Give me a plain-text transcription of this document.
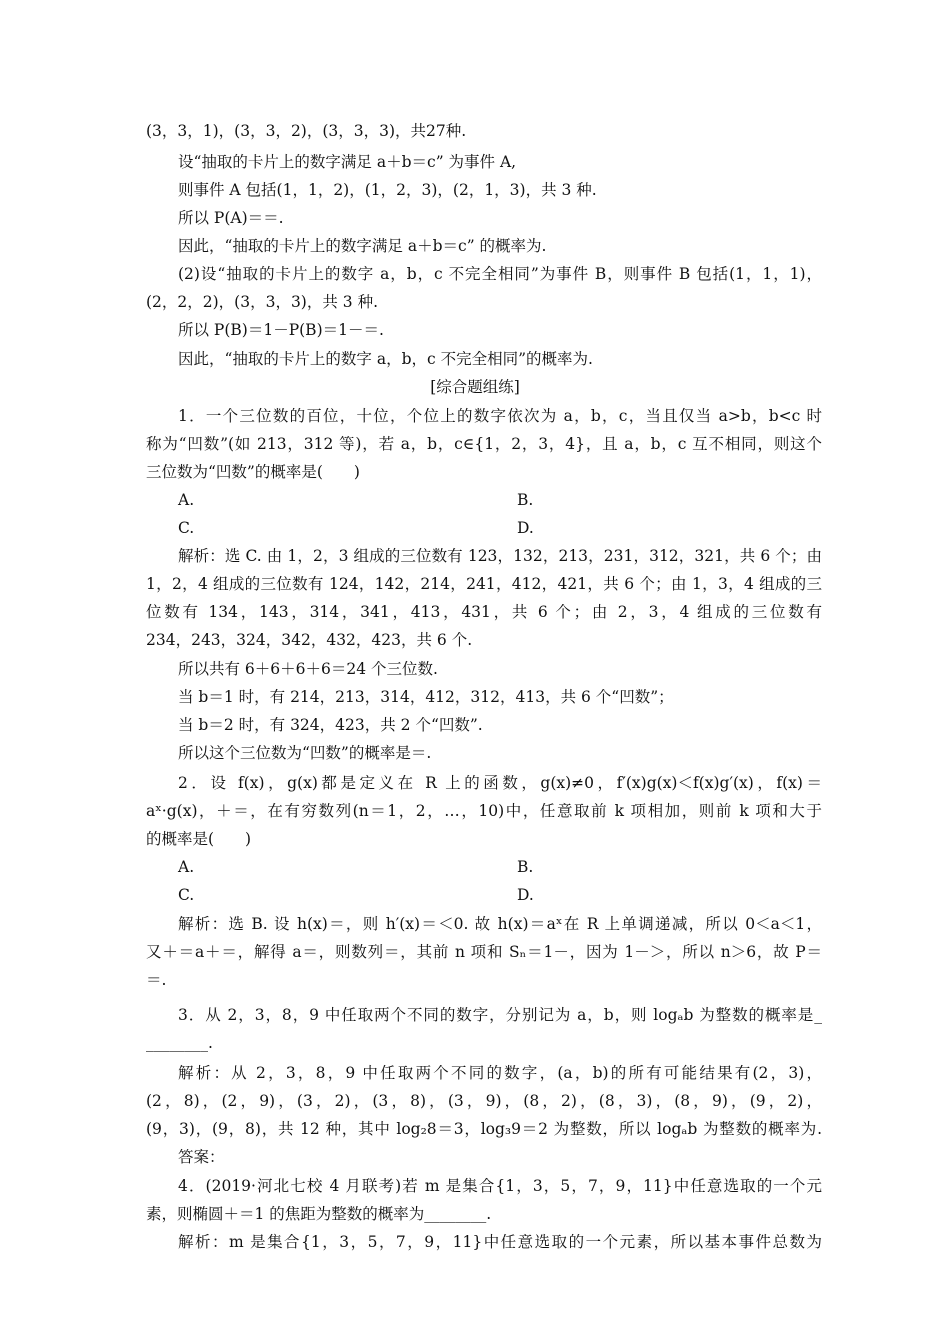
(3，3，1)，(3，3，2)，(3，3，3)，共27种.
设“抽取的卡片上的数字满足 a＋b＝c” 为事件 A,
则事件 A 包括(1，1，2)，(1，2，3)，(2，1，3)，共 3 种.
所以 P(A)＝＝.
因此，“抽取的卡片上的数字满足 a＋b＝c” 的概率为.
(2)设“抽取的卡片上的数字 a，b，c 不完全相同”为事件 B，则事件 B 包括(1，1，1)，
(2，2，2)，(3，3，3)，共 3 种.
所以 P(B)＝1－P(B)＝1－＝.
因此，“抽取的卡片上的数字 a，b，c 不完全相同”的概率为.
[综合题组练]
1．一个三位数的百位，十位，个位上的数字依次为 a，b，c，当且仅当 a>b，b<c 时
称为“凹数”(如 213，312 等)，若 a，b，c∈{1，2，3，4}，且 a，b，c 互不相同，则这个
三位数为“凹数”的概率是(　　)
A.	B.
C.	D.
解析：选 C. 由 1，2，3 组成的三位数有 123，132，213，231，312，321，共 6 个；由
1，2，4 组成的三位数有 124，142，214，241，412，421，共 6 个；由 1，3，4 组成的三
位数有 134，143，314，341，413，431，共 6 个；由 2，3，4 组成的三位数有
234，243，324，342，432，423，共 6 个.
所以共有 6＋6＋6＋6＝24 个三位数.
当 b＝1 时，有 214，213，314，412，312，413，共 6 个“凹数”；
当 b＝2 时，有 324，423，共 2 个“凹数”.
所以这个三位数为“凹数”的概率是＝.
2．设 f(x)，g(x)都是定义在 R 上的函数，g(x)≠0，f′(x)g(x)＜f(x)g′(x)，f(x)＝
aˣ·g(x)，＋＝，在有穷数列(n＝1，2，…，10)中，任意取前 k 项相加，则前 k 项和大于
的概率是(　　)
A.	B.
C.	D.
解析：选 B. 设 h(x)＝，则 h′(x)＝＜0. 故 h(x)＝aˣ在 R 上单调递减，所以 0＜a＜1，
又＋＝a＋＝，解得 a＝，则数列＝，其前 n 项和 Sₙ＝1－，因为 1－＞，所以 n＞6，故 P＝
＝.
3．从 2，3，8，9 中任取两个不同的数字，分别记为 a，b，则 logₐb 为整数的概率是_
________.
解析：从 2，3，8，9 中任取两个不同的数字，(a，b)的所有可能结果有(2，3)，
(2，8)，(2，9)，(3，2)，(3，8)，(3，9)，(8，2)，(8，3)，(8，9)，(9，2)，
(9，3)，(9，8)，共 12 种，其中 log₂8＝3，log₃9＝2 为整数，所以 logₐb 为整数的概率为.
答案：
4．(2019·河北七校 4 月联考)若 m 是集合{1，3，5，7，9，11}中任意选取的一个元
素，则椭圆＋＝1 的焦距为整数的概率为________.
解析：m 是集合{1，3，5，7，9，11}中任意选取的一个元素，所以基本事件总数为
